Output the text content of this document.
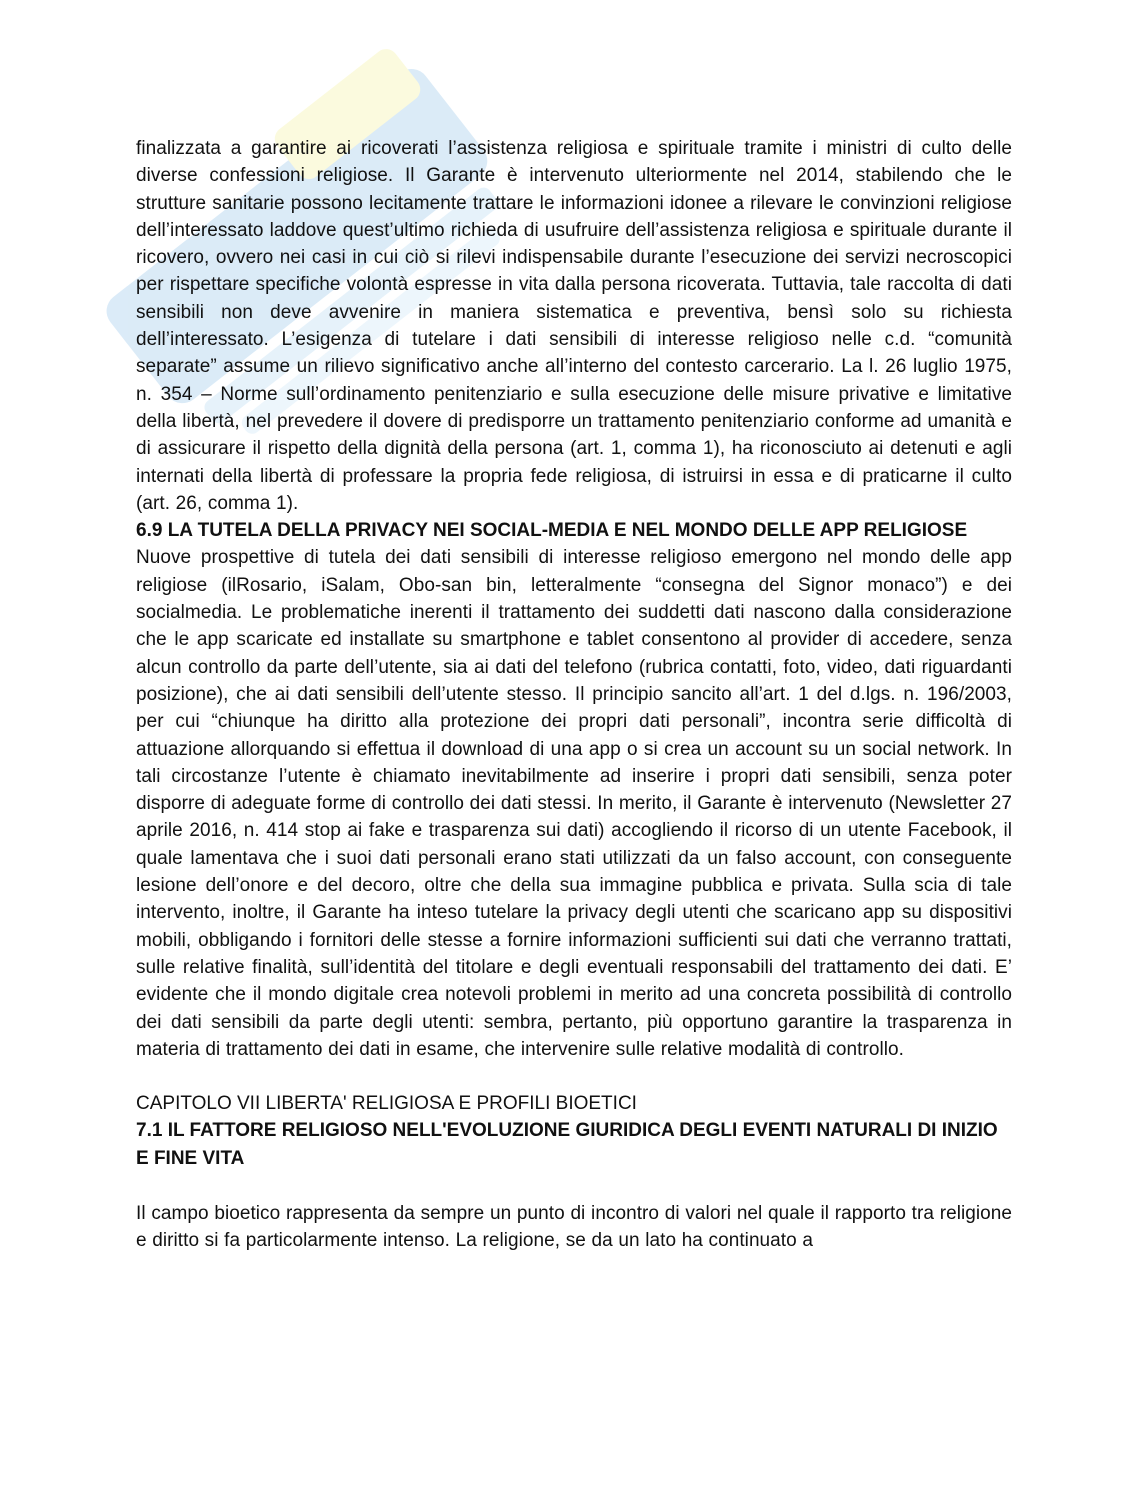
finalizzata a garantire ai ricoverati l’assistenza religiosa e spirituale tramite i ministri di culto delle diverse confessioni religiose. Il Garante è intervenuto ulteriormente nel 2014, stabilendo che le strutture sanitarie possono lecitamente trattare le informazioni idonee a rilevare le convinzioni religiose dell’interessato laddove quest’ultimo richieda di usufruire dell’assistenza religiosa e spirituale durante il ricovero, ovvero nei casi in cui ciò si rilevi indispensabile durante l’esecuzione dei servizi necroscopici per rispettare specifiche volontà espresse in vita dalla persona ricoverata. Tuttavia, tale raccolta di dati sensibili non deve avvenire in maniera sistematica e preventiva, bensì solo su richiesta dell’interessato. L’esigenza di tutelare i dati sensibili di interesse religioso nelle c.d. “comunità separate” assume un rilievo significativo anche all’interno del contesto carcerario. La l. 26 luglio 1975, n. 354 – Norme sull’ordinamento penitenziario e sulla esecuzione delle misure privative e limitative della libertà, nel prevedere il dovere di predisporre un trattamento penitenziario conforme ad umanità e di assicurare il rispetto della dignità della persona (art. 1, comma 1), ha riconosciuto ai detenuti e agli internati della libertà di professare la propria fede religiosa, di istruirsi in essa e di praticarne il culto (art. 26, comma 1).

6.9 LA TUTELA DELLA PRIVACY NEI SOCIAL-MEDIA E NEL MONDO DELLE APP RELIGIOSE

Nuove prospettive di tutela dei dati sensibili di interesse religioso emergono nel mondo delle app religiose (ilRosario, iSalam, Obo-san bin, letteralmente “consegna del Signor monaco”) e dei socialmedia. Le problematiche inerenti il trattamento dei suddetti dati nascono dalla considerazione che le app scaricate ed installate su smartphone e tablet consentono al provider di accedere, senza alcun controllo da parte dell’utente, sia ai dati del telefono (rubrica contatti, foto, video, dati riguardanti posizione), che ai dati sensibili dell’utente stesso. Il principio sancito all’art. 1 del d.lgs. n. 196/2003, per cui “chiunque ha diritto alla protezione dei propri dati personali”, incontra serie difficoltà di attuazione allorquando si effettua il download di una app o si crea un account su un social network. In tali circostanze l’utente è chiamato inevitabilmente ad inserire i propri dati sensibili, senza poter disporre di adeguate forme di controllo dei dati stessi. In merito, il Garante è intervenuto (Newsletter 27 aprile 2016, n. 414 stop ai fake e trasparenza sui dati) accogliendo il ricorso di un utente Facebook, il quale lamentava che i suoi dati personali erano stati utilizzati da un falso account, con conseguente lesione dell’onore e del decoro, oltre che della sua immagine pubblica e privata. Sulla scia di tale intervento, inoltre, il Garante ha inteso tutelare la privacy degli utenti che scaricano app su dispositivi mobili, obbligando i fornitori delle stesse a fornire informazioni sufficienti sui dati che verranno trattati, sulle relative finalità, sull’identità del titolare e degli eventuali responsabili del trattamento dei dati. E’ evidente che il mondo digitale crea notevoli problemi in merito ad una concreta possibilità di controllo dei dati sensibili da parte degli utenti: sembra, pertanto, più opportuno garantire la trasparenza in materia di trattamento dei dati in esame, che intervenire sulle relative modalità di controllo.

CAPITOLO VII LIBERTA' RELIGIOSA E PROFILI BIOETICI

7.1 IL FATTORE RELIGIOSO NELL'EVOLUZIONE GIURIDICA DEGLI EVENTI NATURALI DI INIZIO E FINE VITA

Il campo bioetico rappresenta da sempre un punto di incontro di valori nel quale il rapporto tra religione e diritto si fa particolarmente intenso. La religione, se da un lato ha continuato a
